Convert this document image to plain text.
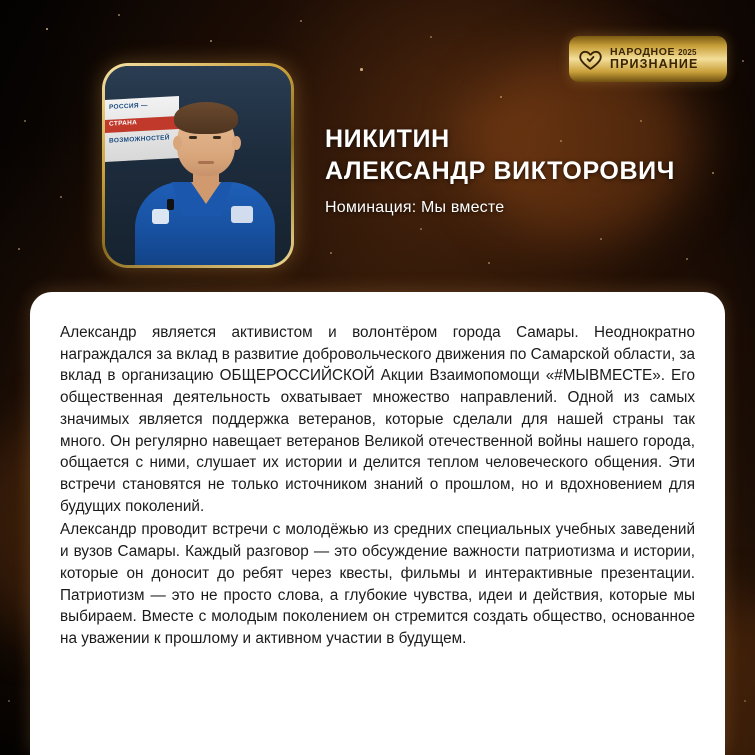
НАРОДНОЕ 2025
ПРИЗНАНИЕ
РОССИЯ —
СТРАНА
ВОЗМОЖНОСТЕЙ	НИКИТИН
АЛЕКСАНДР ВИКТОРОВИЧ
Номинация: Мы вместе

Александр является активистом и волонтёром города Самары. Неоднократно награждался за вклад в развитие добровольческого движения по Самарской области, за вклад в организацию ОБЩЕРОССИЙСКОЙ Акции Взаимопомощи «#МЫВМЕСТЕ». Его общественная деятельность охватывает множество направлений. Одной из самых значимых является поддержка ветеранов, которые сделали для нашей страны так много. Он регулярно навещает ветеранов Великой отечественной войны нашего города, общается с ними, слушает их истории и делится теплом человеческого общения. Эти встречи становятся не только источником знаний о прошлом, но и вдохновением для будущих поколений.

Александр проводит встречи с молодёжью из средних специальных учебных заведений и вузов Самары. Каждый разговор — это обсуждение важности патриотизма и истории, которые он доносит до ребят через квесты, фильмы и интерактивные презентации. Патриотизм — это не просто слова, а глубокие чувства, идеи и действия, которые мы выбираем. Вместе с молодым поколением он стремится создать общество, основанное на уважении к прошлому и активном участии в будущем.
